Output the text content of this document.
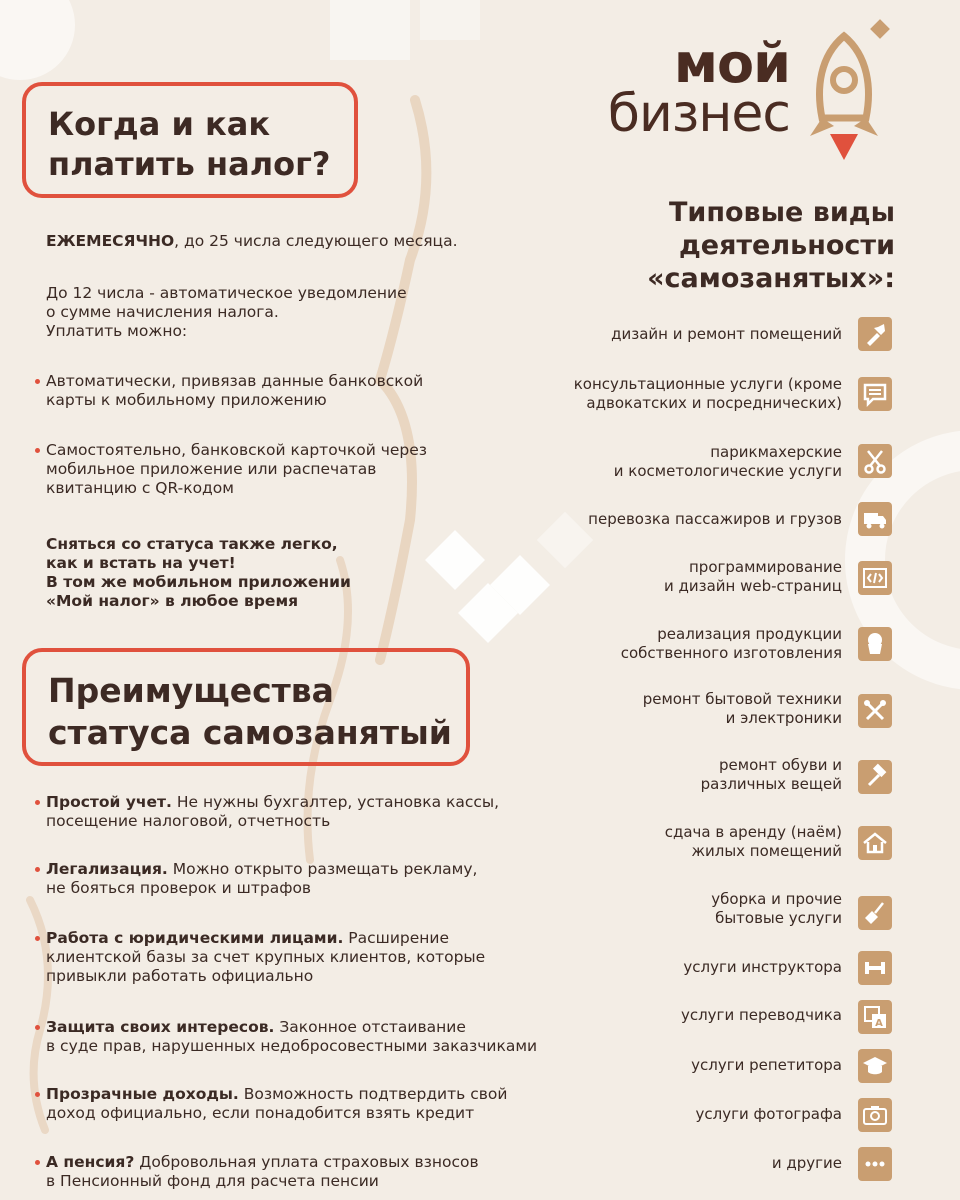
мой
бизнес
Когда и как
платить налог?
ЕЖЕМЕСЯЧНО, до 25 числа следующего месяца.
До 12 числа - автоматическое уведомление
о сумме начисления налога.
Уплатить можно:
Автоматически, привязав данные банковской
карты к мобильному приложению
Самостоятельно, банковской карточкой через
мобильное приложение или распечатав
квитанцию с QR-кодом
Сняться со статуса также легко,
как и встать на учет!
В том же мобильном приложении
«Мой налог» в любое время
Преимущества
статуса самозанятый
Простой учет. Не нужны бухгалтер, установка кассы,
посещение налоговой, отчетность
Легализация. Можно открыто размещать рекламу,
не бояться проверок и штрафов
Работа с юридическими лицами. Расширение
клиентской базы за счет крупных клиентов, которые
привыкли работать официально
Защита своих интересов. Законное отстаивание
в суде прав, нарушенных недобросовестными заказчиками
Прозрачные доходы. Возможность подтвердить свой
доход официально, если понадобится взять кредит
А пенсия? Добровольная уплата страховых взносов
в Пенсионный фонд для расчета пенсии
Типовые виды
деятельности
«самозанятых»:
дизайн и ремонт помещений
консультационные услуги (кроме
адвокатских и посреднических)
парикмахерские
и косметологические услуги
перевозка пассажиров и грузов
программирование
и дизайн web-страниц
реализация продукции
собственного изготовления
ремонт бытовой техники
и электроники
ремонт обуви и
различных вещей
сдача в аренду (наём)
жилых помещений
уборка и прочие
бытовые услуги
услуги инструктора
услуги переводчика	A
услуги репетитора
услуги фотографа
и другие
